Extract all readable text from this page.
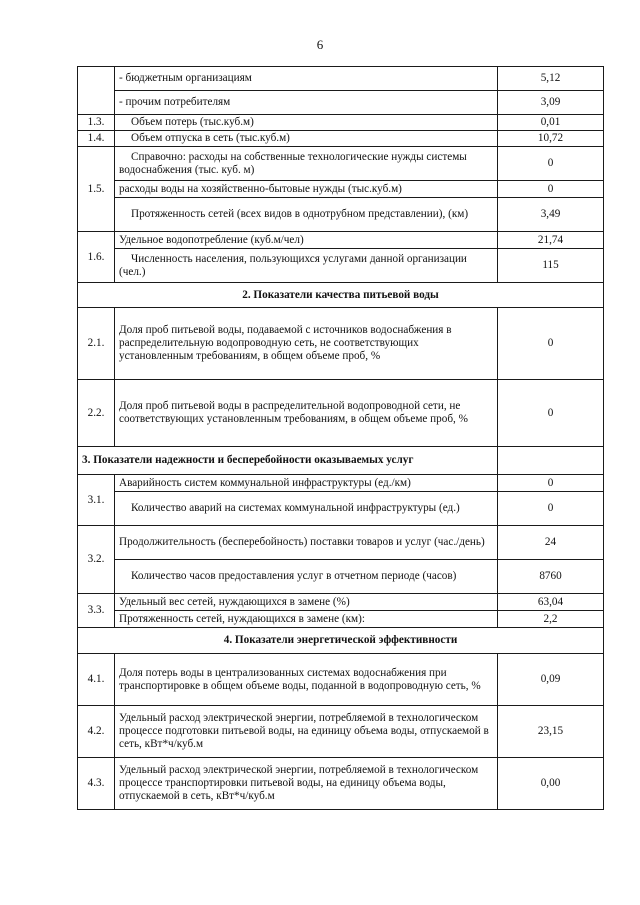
6
	- бюджетным организациям	5,12
	- прочим потребителям	3,09
1.3.	Объем потерь (тыс.куб.м)	0,01
1.4.	Объем отпуска в сеть (тыс.куб.м)	10,72
1.5.	Справочно: расходы на собственные технологические нужды системы водоснабжения (тыс. куб. м)	0
	расходы воды на хозяйственно-бытовые нужды (тыс.куб.м)	0
	Протяженность сетей (всех видов в однотрубном представлении), (км)	3,49
1.6.	Удельное водопотребление (куб.м/чел)	21,74
	Численность населения, пользующихся услугами данной организации (чел.)	115
2. Показатели качества питьевой воды		
2.1.	Доля проб питьевой воды, подаваемой с источников водоснабжения в распределительную водопроводную сеть, не соответствующих установленным требованиям, в общем объеме проб, %	0
2.2.	Доля проб питьевой воды в распределительной водопроводной сети, не соответствующих установленным требованиям, в общем объеме проб, %	0
3. Показатели надежности и бесперебойности оказываемых услуг		
3.1.	Аварийность систем коммунальной инфраструктуры (ед./км)	0
	Количество аварий на системах коммунальной инфраструктуры (ед.)	0
3.2.	Продолжительность (бесперебойность) поставки товаров и услуг (час./день)	24
	Количество часов предоставления услуг в отчетном периоде (часов)	8760
3.3.	Удельный вес сетей, нуждающихся в замене (%)	63,04
	Протяженность сетей, нуждающихся в замене (км):	2,2
4. Показатели энергетической эффективности		
4.1.	Доля потерь воды в централизованных системах водоснабжения при транспортировке в общем объеме воды, поданной в водопроводную сеть, %	0,09
4.2.	Удельный расход электрической энергии, потребляемой в технологическом процессе подготовки питьевой воды, на единицу объема воды, отпускаемой в сеть, кВт*ч/куб.м	23,15
4.3.	Удельный расход электрической энергии, потребляемой в технологическом процессе транспортировки питьевой воды, на единицу объема воды, отпускаемой в сеть, кВт*ч/куб.м	0,00
